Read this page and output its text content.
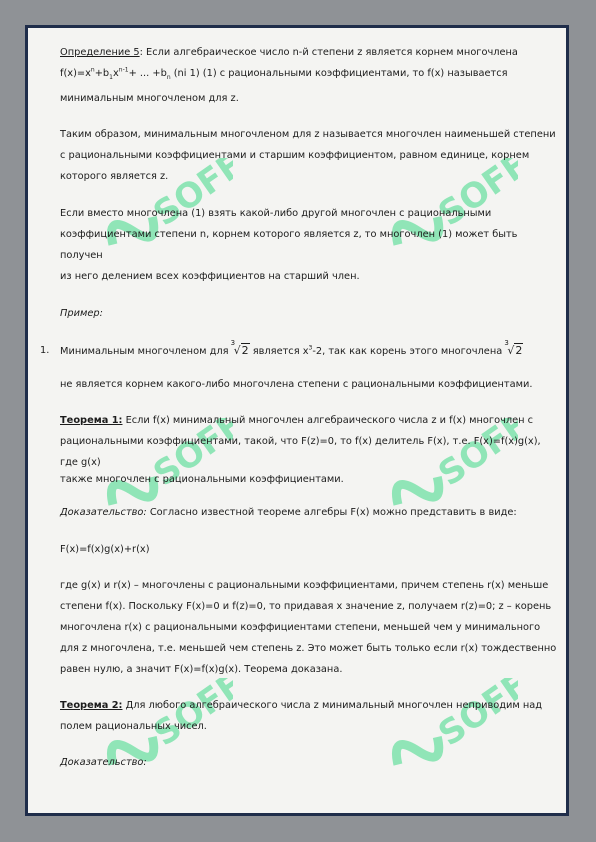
SOFF	SOFF
SOFF	SOFF
SOFF	SOFF

Определение 5: Если алгебраическое число n-й степени z является корнем многочлена

$f(x)=x^n+b_1x^{n-1}+$ ... $+b_n$ (ni 1) (1) с рациональными коэффициентами, то f(x) называется

минимальным многочленом для z.

Таким образом, минимальным многочленом для z называется многочлен наименьшей степени

с рациональными коэффициентами и старшим коэффициентом, равном единице, корнем

которого является z.

Если вместо многочлена (1) взять какой-либо другой многочлен с рациональными

коэффициентами степени n, корнем которого является z, то многочлен (1) может быть получен

из него делением всех коэффициентов на старший член.

Пример:

1. Минимальным многочленом для
3
√2 является $x^3-2$, так как корень этого многочлена
3
√2

не является корнем какого-либо многочлена степени с рациональными коэффициентами.

Теорема 1: Если f(x) минимальный многочлен алгебраического числа z и f(x) многочлен с

рациональными коэффициентами, такой, что F(z)=0, то f(x) делитель F(x), т.е. F(x)=f(x)g(x), где g(x)

также многочлен с рациональными коэффициентами.

Доказательство: Согласно известной теореме алгебры F(x) можно представить в виде:

F(x)=f(x)g(x)+r(x)

где g(x) и r(x) – многочлены с рациональными коэффициентами, причем степень r(x) меньше

степени f(x). Поскольку F(x)=0 и f(z)=0, то придавая x значение z, получаем r(z)=0; z – корень

многочлена r(x) с рациональными коэффициентами степени, меньшей чем у минимального

для z многочлена, т.е. меньшей чем степень z. Это может быть только если r(x) тождественно

равен нулю, а значит F(x)=f(x)g(x). Теорема доказана.

Теорема 2: Для любого алгебраического числа z минимальный многочлен неприводим над

полем рациональных чисел.

Доказательство:
